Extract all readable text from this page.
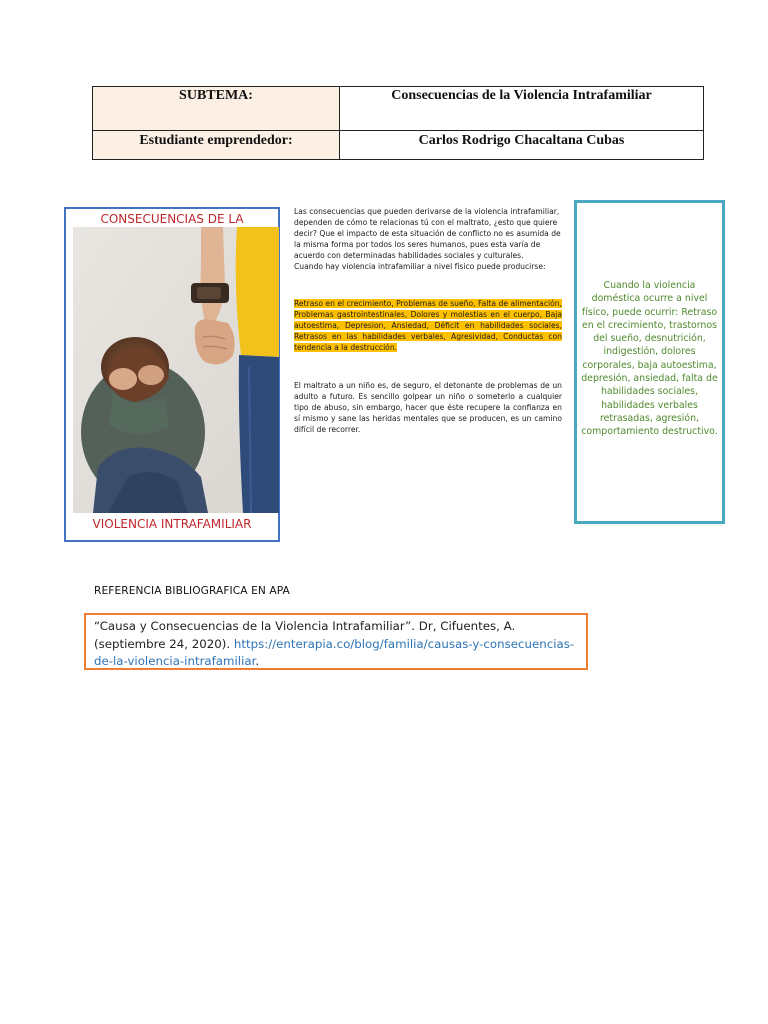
SUBTEMA:	Consecuencias de la Violencia Intrafamiliar

Estudiante emprendedor:	Carlos Rodrigo Chacaltana Cubas
CONSECUENCIAS DE LA
VIOLENCIA INTRAFAMILIAR

Las consecuencias que pueden derivarse de la violencia intrafamiliar, dependen de cómo te relacionas tú con el maltrato, ¿esto que quiere decir? Que el impacto de esta situación de conflicto no es asumida de la misma forma por todos los seres humanos, pues esta varía de acuerdo con determinadas habilidades sociales y culturales.

Cuando hay violencia intrafamiliar a nivel físico puede producirse:

Retraso en el crecimiento, Problemas de sueño, Falta de alimentación, Problemas gastrointestinales, Dolores y molestias en el cuerpo, Baja autoestima, Depresion, Ansiedad, Déficit en habilidades sociales, Retrasos en las habilidades verbales, Agresividad, Conductas con tendencia a la destrucción.

El maltrato a un niño es, de seguro, el detonante de problemas de un adulto a futuro. Es sencillo golpear un niño o someterlo a cualquier tipo de abuso, sin embargo, hacer que éste recupere la confianza en sí mismo y sane las heridas mentales que se producen, es un camino difícil de recorrer.

Cuando la violencia doméstica ocurre a nivel físico, puede ocurrir: Retraso en el crecimiento, trastornos del sueño, desnutrición, indigestión, dolores corporales, baja autoestima, depresión, ansiedad, falta de habilidades sociales, habilidades verbales retrasadas, agresión, comportamiento destructivo.
REFERENCIA BIBLIOGRAFICA EN APA
“Causa y Consecuencias de la Violencia Intrafamiliar”. Dr, Cifuentes, A. (septiembre 24, 2020). https://enterapia.co/blog/familia/causas-y-consecuencias-de-la-violencia-intrafamiliar.
